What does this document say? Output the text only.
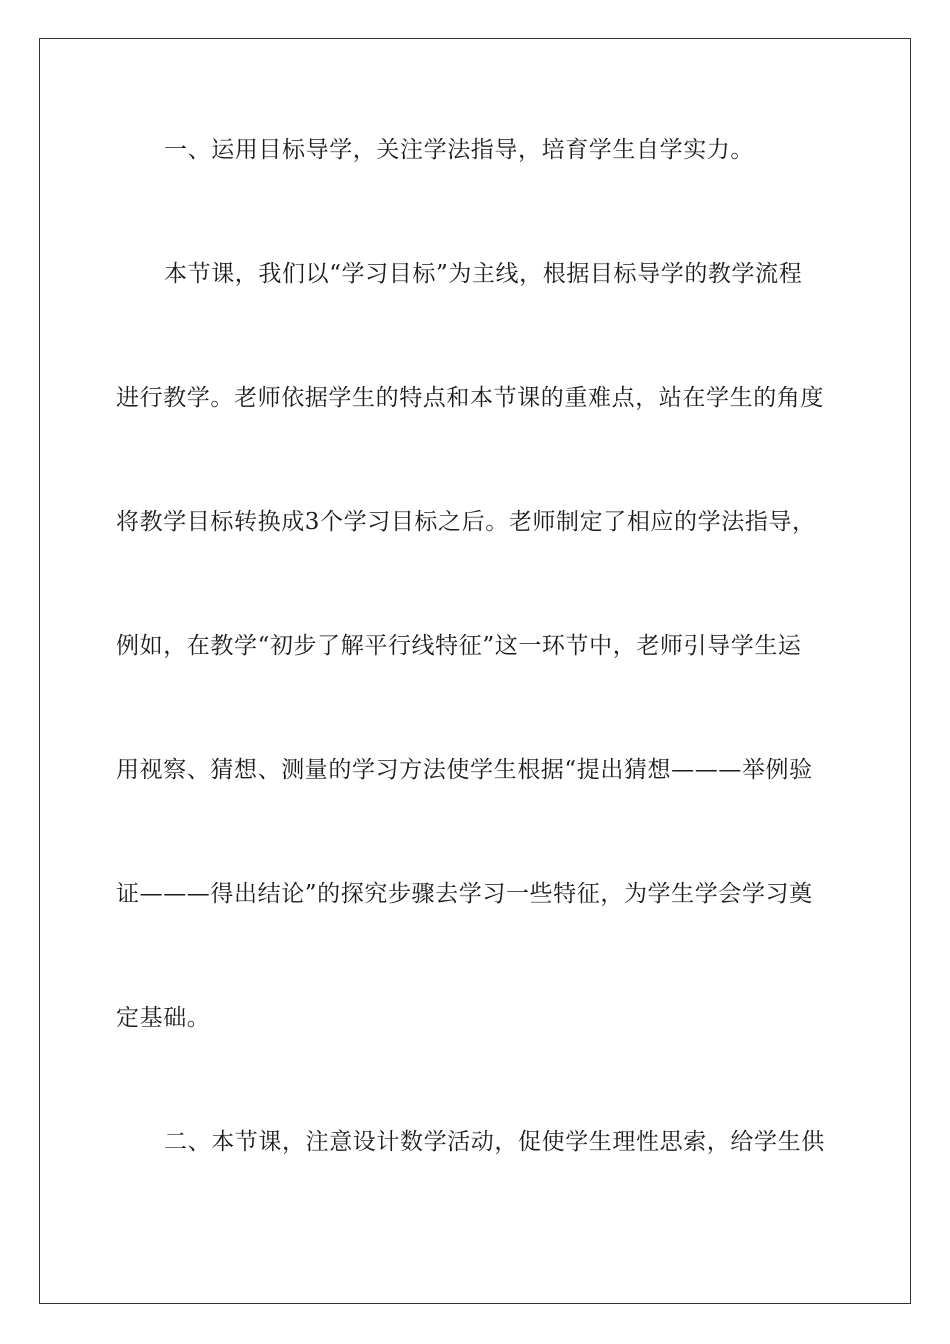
一、运用目标导学，关注学法指导，培育学生自学实力。
本节课，我们以“学习目标”为主线，根据目标导学的教学流程
进行教学。老师依据学生的特点和本节课的重难点，站在学生的角度
将教学目标转换成3个学习目标之后。老师制定了相应的学法指导，
例如，在教学“初步了解平行线特征”这一环节中，老师引导学生运
用视察、猜想、测量的学习方法使学生根据“提出猜想———举例验
证———得出结论”的探究步骤去学习一些特征，为学生学会学习奠
定基础。
二、本节课，注意设计数学活动，促使学生理性思索，给学生供
